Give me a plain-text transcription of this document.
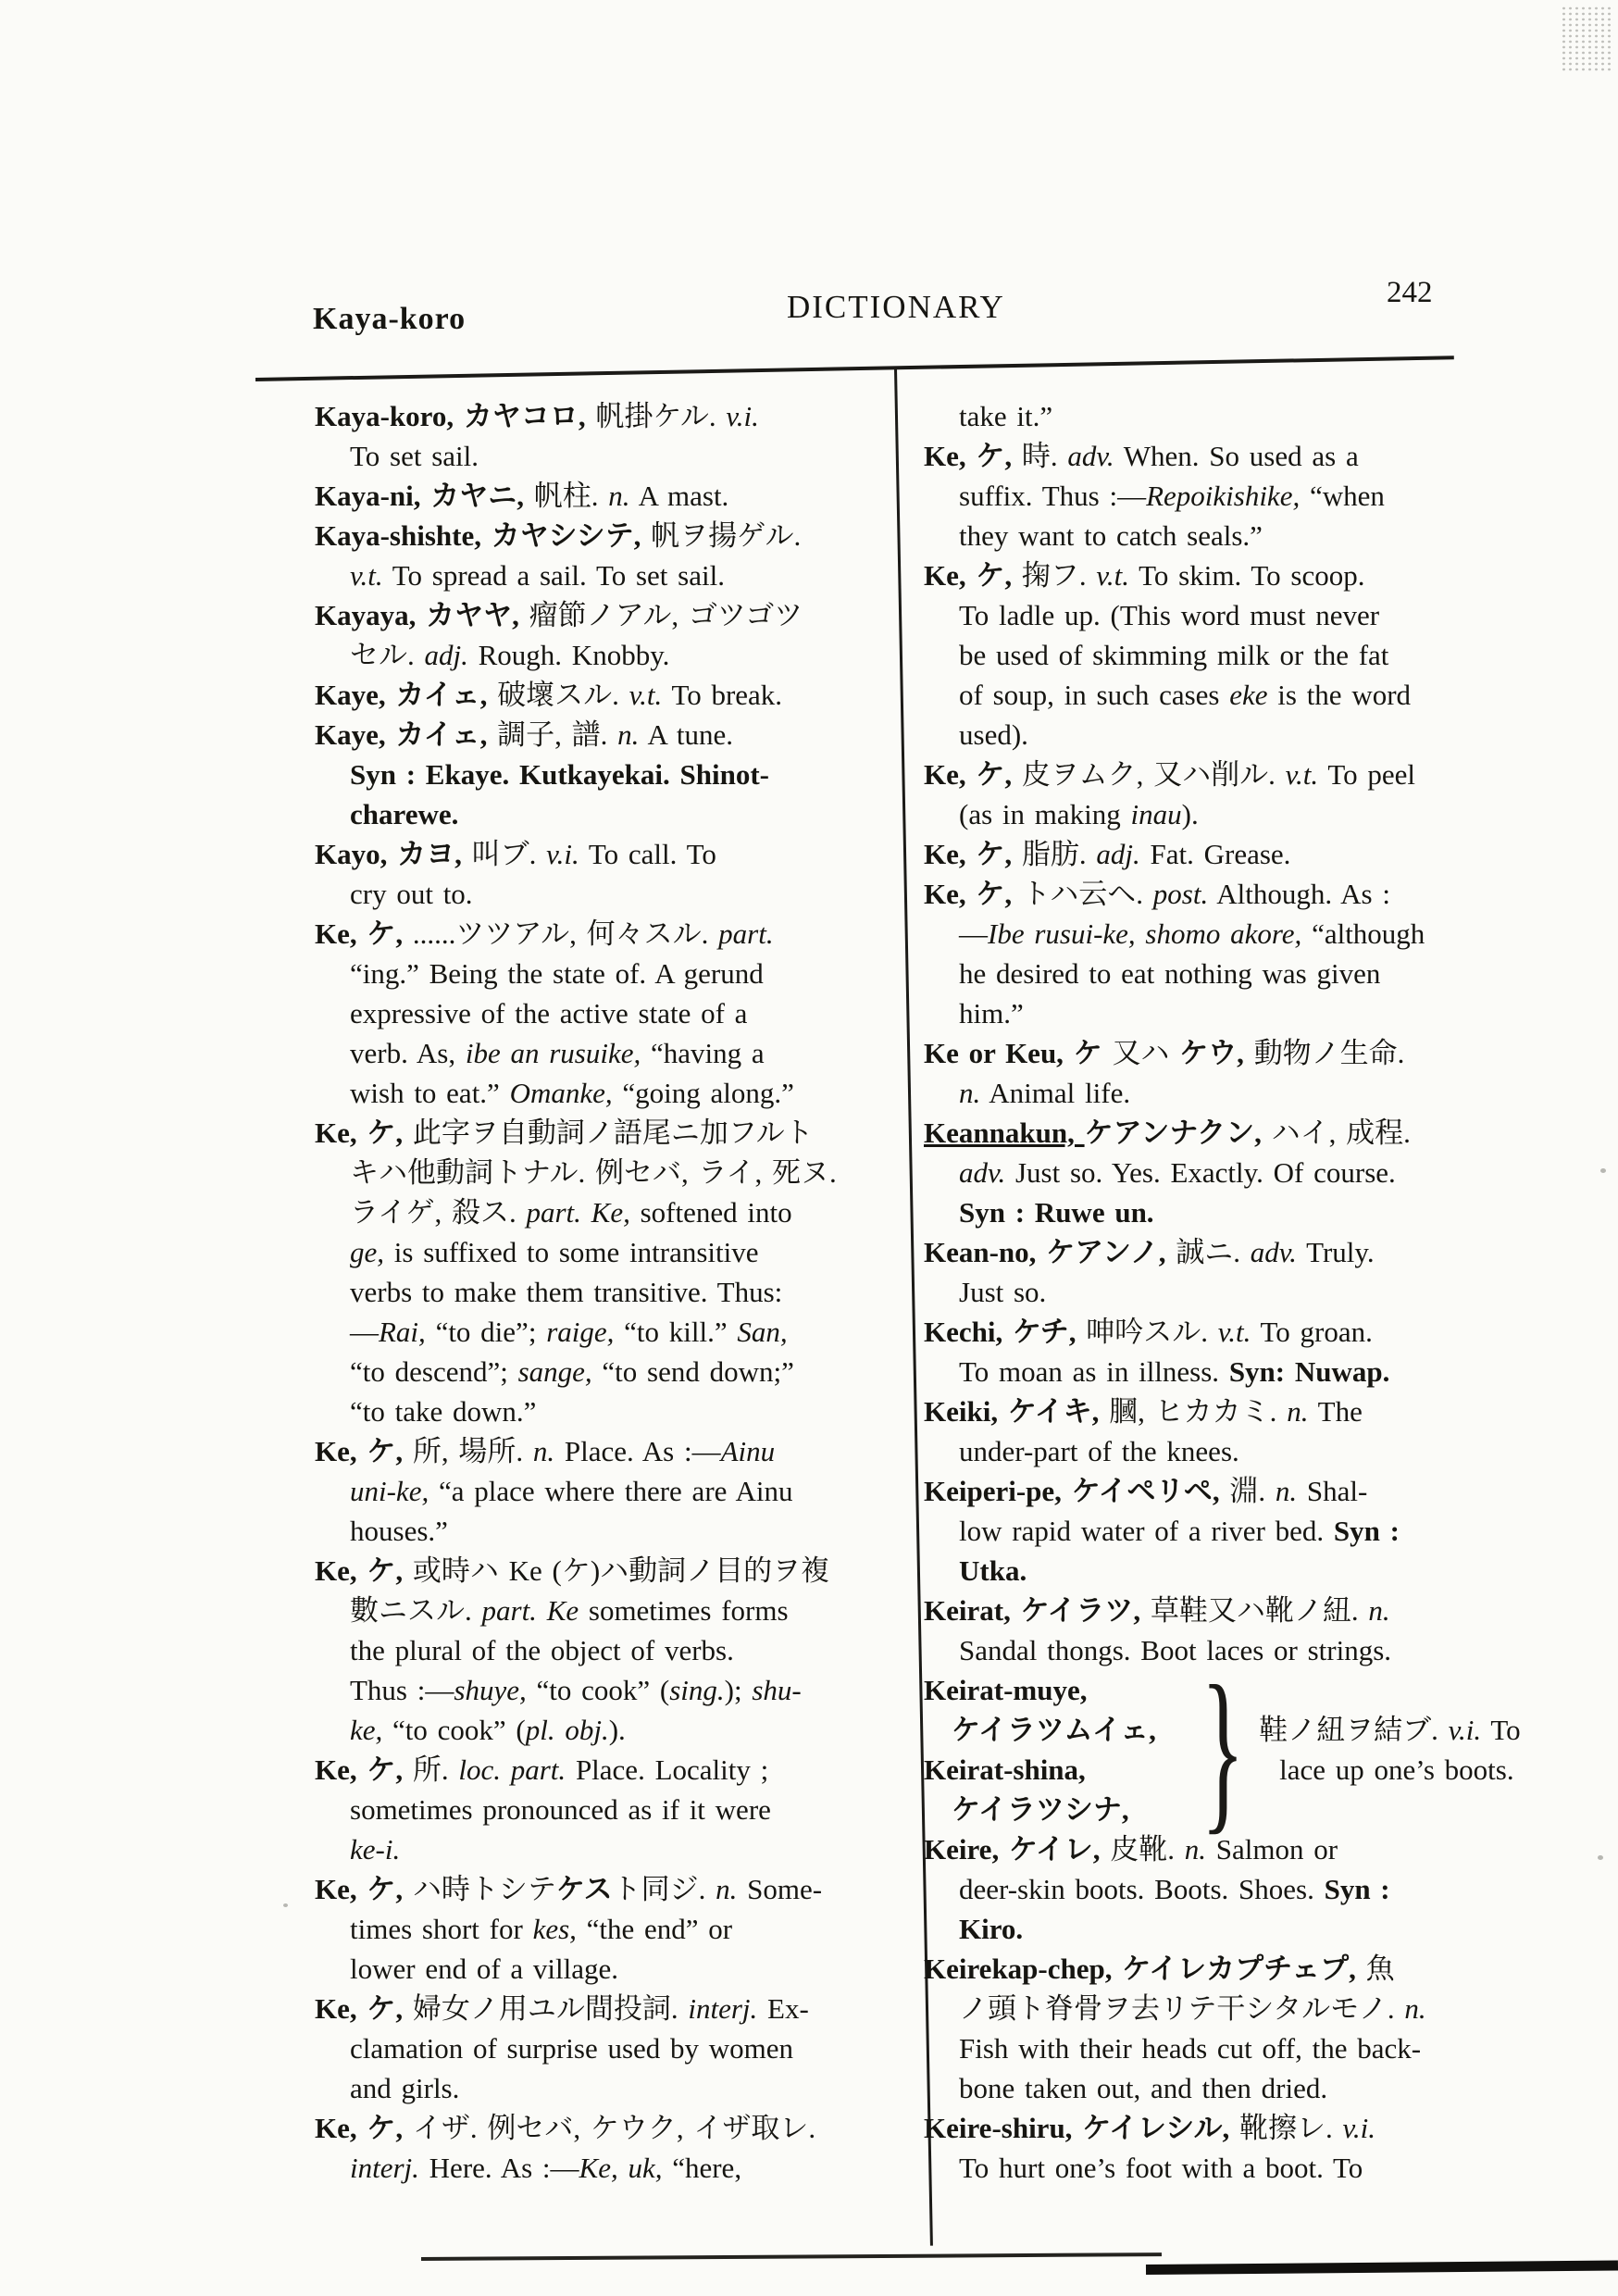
Kaya-koro	DICTIONARY	242
Kaya-koro, カヤコロ, 帆掛ケル. v.i.
To set sail.
Kaya-ni, カヤニ, 帆柱. n. A mast.
Kaya-shishte, カヤシシテ, 帆ヲ揚ゲル.
v.t. To spread a sail. To set sail.
Kayaya, カヤヤ, 瘤節ノアル, ゴツゴツ
セル. adj. Rough. Knobby.
Kaye, カイェ, 破壞スル. v.t. To break.
Kaye, カイェ, 調子, 譜. n. A tune.
Syn : Ekaye. Kutkayekai. Shinot-
charewe.
Kayo, カヨ, 叫ブ. v.i. To call. To
cry out to.
Ke, ケ, ......ツツアル, 何々スル. part.
“ing.” Being the state of. A gerund
expressive of the active state of a
verb. As, ibe an rusuike, “having a
wish to eat.” Omanke, “going along.”
Ke, ケ, 此字ヲ自動詞ノ語尾ニ加フルト
キハ他動詞トナル. 例セバ, ライ, 死ヌ.
ライゲ, 殺ス. part. Ke, softened into
ge, is suffixed to some intransitive
verbs to make them transitive. Thus:
—Rai, “to die”; raige, “to kill.” San,
“to descend”; sange, “to send down;”
“to take down.”
Ke, ケ, 所, 場所. n. Place. As :—Ainu
uni-ke, “a place where there are Ainu
houses.”
Ke, ケ, 或時ハ Ke (ケ)ハ動詞ノ目的ヲ複
數ニスル. part. Ke sometimes forms
the plural of the object of verbs.
Thus :—shuye, “to cook” (sing.); shu-
ke, “to cook” (pl. obj.).
Ke, ケ, 所. loc. part. Place. Locality ;
sometimes pronounced as if it were
ke-i.
Ke, ケ, ハ時トシテケスト同ジ. n. Some-
times short for kes, “the end” or
lower end of a village.
Ke, ケ, 婦女ノ用ユル間投詞. interj. Ex-
clamation of surprise used by women
and girls.
Ke, ケ, イザ. 例セバ, ケウク, イザ取レ.
interj. Here. As :—Ke, uk, “here,
take it.”
Ke, ケ, 時. adv. When. So used as a
suffix. Thus :—Repoikishike, “when
they want to catch seals.”
Ke, ケ, 掬フ. v.t. To skim. To scoop.
To ladle up. (This word must never
be used of skimming milk or the fat
of soup, in such cases eke is the word
used).
Ke, ケ, 皮ヲムク, 又ハ削ル. v.t. To peel
(as in making inau).
Ke, ケ, 脂肪. adj. Fat. Grease.
Ke, ケ, トハ云ヘ. post. Although. As :
—Ibe rusui-ke, shomo akore, “although
he desired to eat nothing was given
him.”
Ke or Keu, ケ 又ハ ケウ, 動物ノ生命.
n. Animal life.
Keannakun, ケアンナクン, ハイ, 成程.
adv. Just so. Yes. Exactly. Of course.
Syn : Ruwe un.
Kean-no, ケアンノ, 誠ニ. adv. Truly.
Just so.
Kechi, ケチ, 呻吟スル. v.t. To groan.
To moan as in illness. Syn: Nuwap.
Keiki, ケイキ, 膕, ヒカカミ. n. The
under-part of the knees.
Keiperi-pe, ケイペリペ, 淵. n. Shal-
low rapid water of a river bed. Syn :
Utka.
Keirat, ケイラツ, 草鞋又ハ靴ノ紐. n.
Sandal thongs. Boot laces or strings.
Keirat-muye,
ケイラツムイェ,
Keirat-shina,
ケイラツシナ, } 鞋ノ紐ヲ結ブ. v.i. To
lace up one’s boots.
Keire, ケイレ, 皮靴. n. Salmon or
deer-skin boots. Boots. Shoes. Syn :
Kiro.
Keirekap-chep, ケイレカプチェプ, 魚
ノ頭ト脊骨ヲ去リテ干シタルモノ. n.
Fish with their heads cut off, the back-
bone taken out, and then dried.
Keire-shiru, ケイレシル, 靴擦レ. v.i.
To hurt one’s foot with a boot. To
